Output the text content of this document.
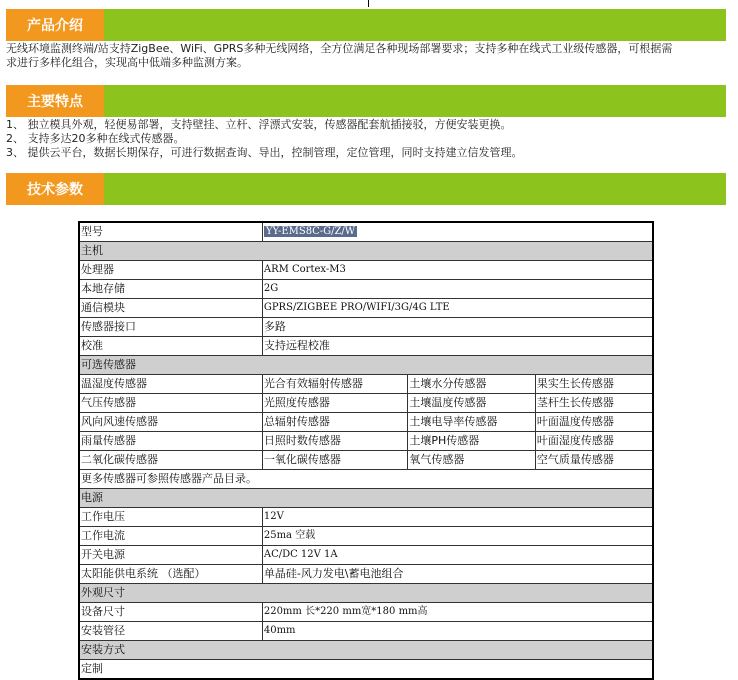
产品介绍
无线环境监测终端/站支持ZigBee、WiFi、GPRS多种无线网络，全方位满足各种现场部署要求；支持多种在线式工业级传感器，可根据需
求进行多样化组合，实现高中低端多种监测方案。
主要特点
1、 独立模具外观，轻便易部署，支持壁挂、立杆、浮漂式安装，传感器配套航插接驳，方便安装更换。
2、 支持多达20多种在线式传感器。
3、 提供云平台，数据长期保存，可进行数据查询、导出，控制管理，定位管理，同时支持建立信发管理。
技术参数
型号	YY-EMS8C-G/Z/W		
主机			
处理器	ARM Cortex-M3		
本地存储	2G		
通信模块	GPRS/ZIGBEE PRO/WIFI/3G/4G LTE		
传感器接口	多路		
校准	支持远程校准		
可选传感器			
温湿度传感器	光合有效辐射传感器	土壤水分传感器	果实生长传感器
气压传感器	光照度传感器	土壤温度传感器	茎杆生长传感器
风向风速传感器	总辐射传感器	土壤电导率传感器	叶面温度传感器
雨量传感器	日照时数传感器	土壤PH传感器	叶面湿度传感器
二氧化碳传感器	一氧化碳传感器	氧气传感器	空气质量传感器
更多传感器可参照传感器产品目录。			
电源			
工作电压	12V		
工作电流	25ma 空载		
开关电源	AC/DC 12V 1A		
太阳能供电系统 （选配）	单晶硅-风力发电\蓄电池组合		
外观尺寸			
设备尺寸	220mm 长*220 mm宽*180 mm高		
安装管径	40mm		
安装方式			
定制			
